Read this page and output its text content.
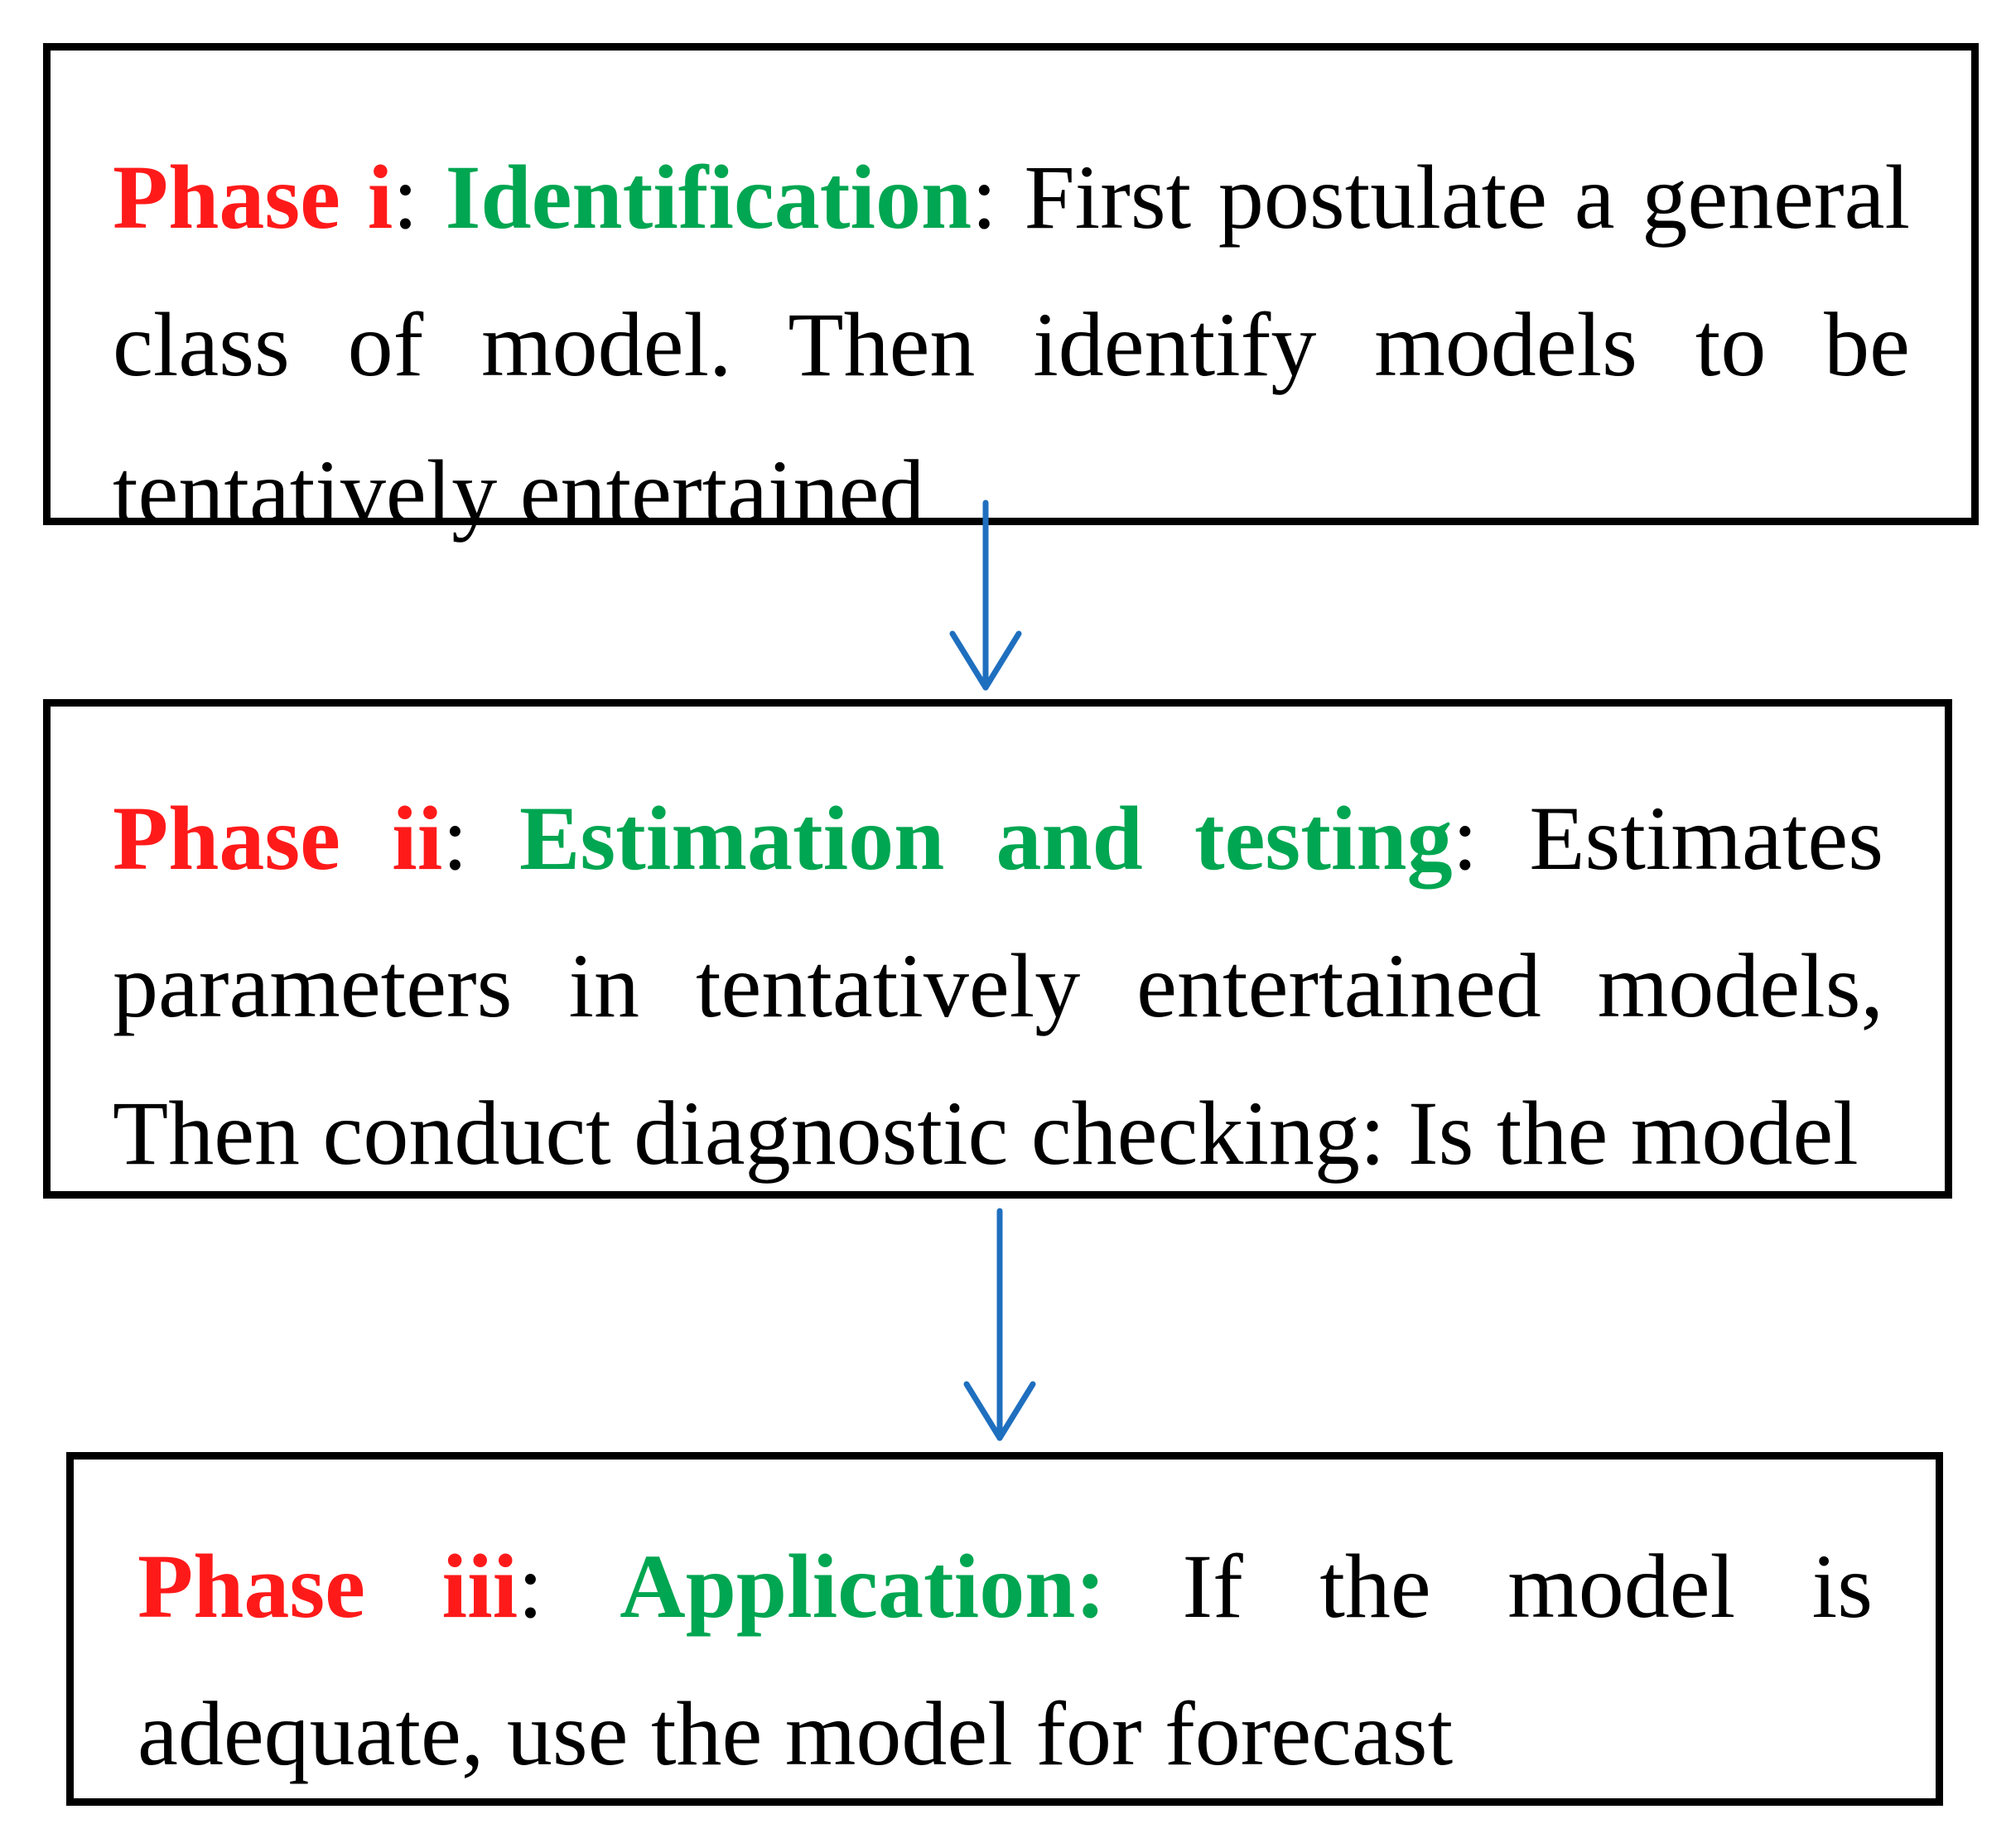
Phase i: Identification: First postulate a general class of model. Then identify models to be tentatively entertained

Phase ii: Estimation and testing: Estimates parameters in tentatively entertained models, Then conduct diagnostic checking: Is the model

Phase iii: Application: If the model is adequate, use the model for forecast
